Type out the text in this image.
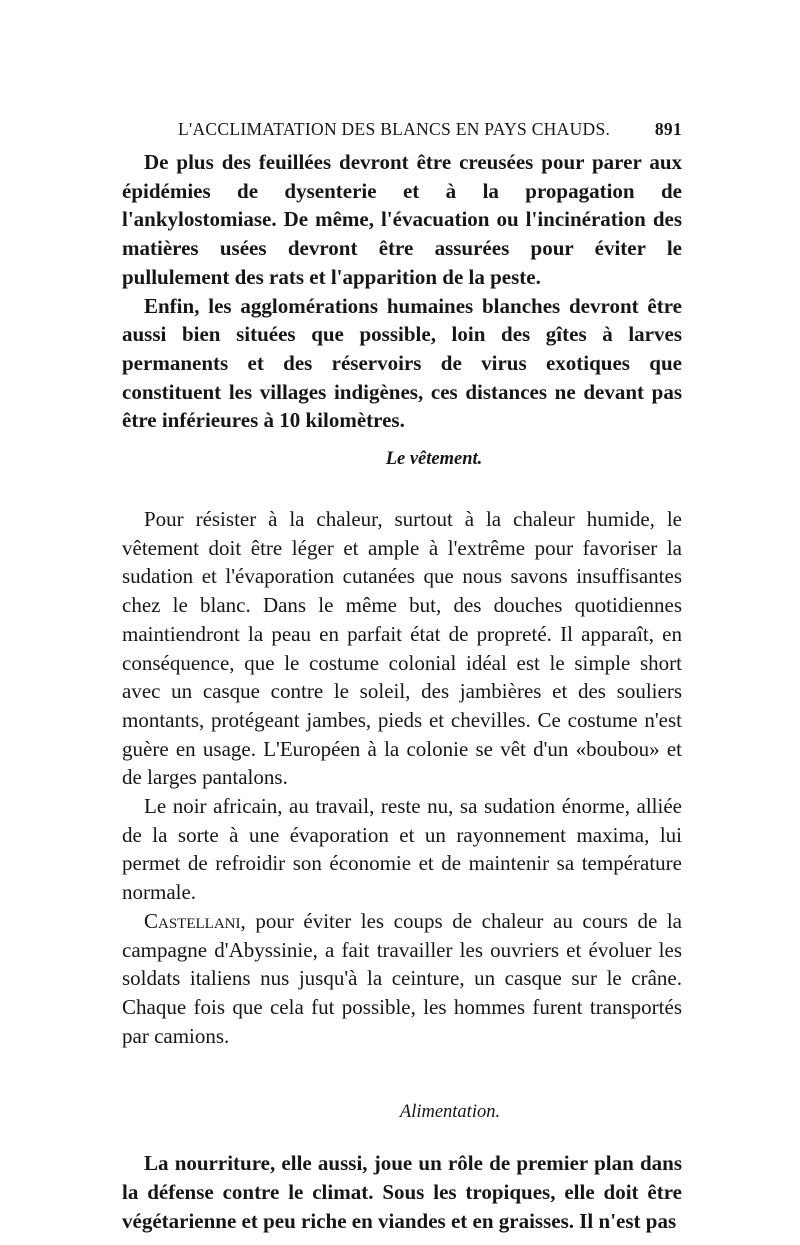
L'ACCLIMATATION DES BLANCS EN PAYS CHAUDS.	891

De plus des feuillées devront être creusées pour parer aux épidémies de dysenterie et à la propagation de l'ankylostomiase. De même, l'évacuation ou l'incinération des matières usées devront être assurées pour éviter le pullulement des rats et l'apparition de la peste.

Enfin, les agglomérations humaines blanches devront être aussi bien situées que possible, loin des gîtes à larves permanents et des réservoirs de virus exotiques que constituent les villages indigènes, ces distances ne devant pas être inférieures à 10 kilomètres.

Le vêtement.

Pour résister à la chaleur, surtout à la chaleur humide, le vêtement doit être léger et ample à l'extrême pour favoriser la sudation et l'évaporation cutanées que nous savons insuffisantes chez le blanc. Dans le même but, des douches quotidiennes maintiendront la peau en parfait état de propreté. Il apparaît, en conséquence, que le costume colonial idéal est le simple short avec un casque contre le soleil, des jambières et des souliers montants, protégeant jambes, pieds et chevilles. Ce costume n'est guère en usage. L'Européen à la colonie se vêt d'un «boubou» et de larges pantalons.

Le noir africain, au travail, reste nu, sa sudation énorme, alliée de la sorte à une évaporation et un rayonnement maxima, lui permet de refroidir son économie et de maintenir sa température normale.

Castellani, pour éviter les coups de chaleur au cours de la campagne d'Abyssinie, a fait travailler les ouvriers et évoluer les soldats italiens nus jusqu'à la ceinture, un casque sur le crâne. Chaque fois que cela fut possible, les hommes furent transportés par camions.

Alimentation.

La nourriture, elle aussi, joue un rôle de premier plan dans la défense contre le climat. Sous les tropiques, elle doit être végétarienne et peu riche en viandes et en graisses. Il n'est pas
